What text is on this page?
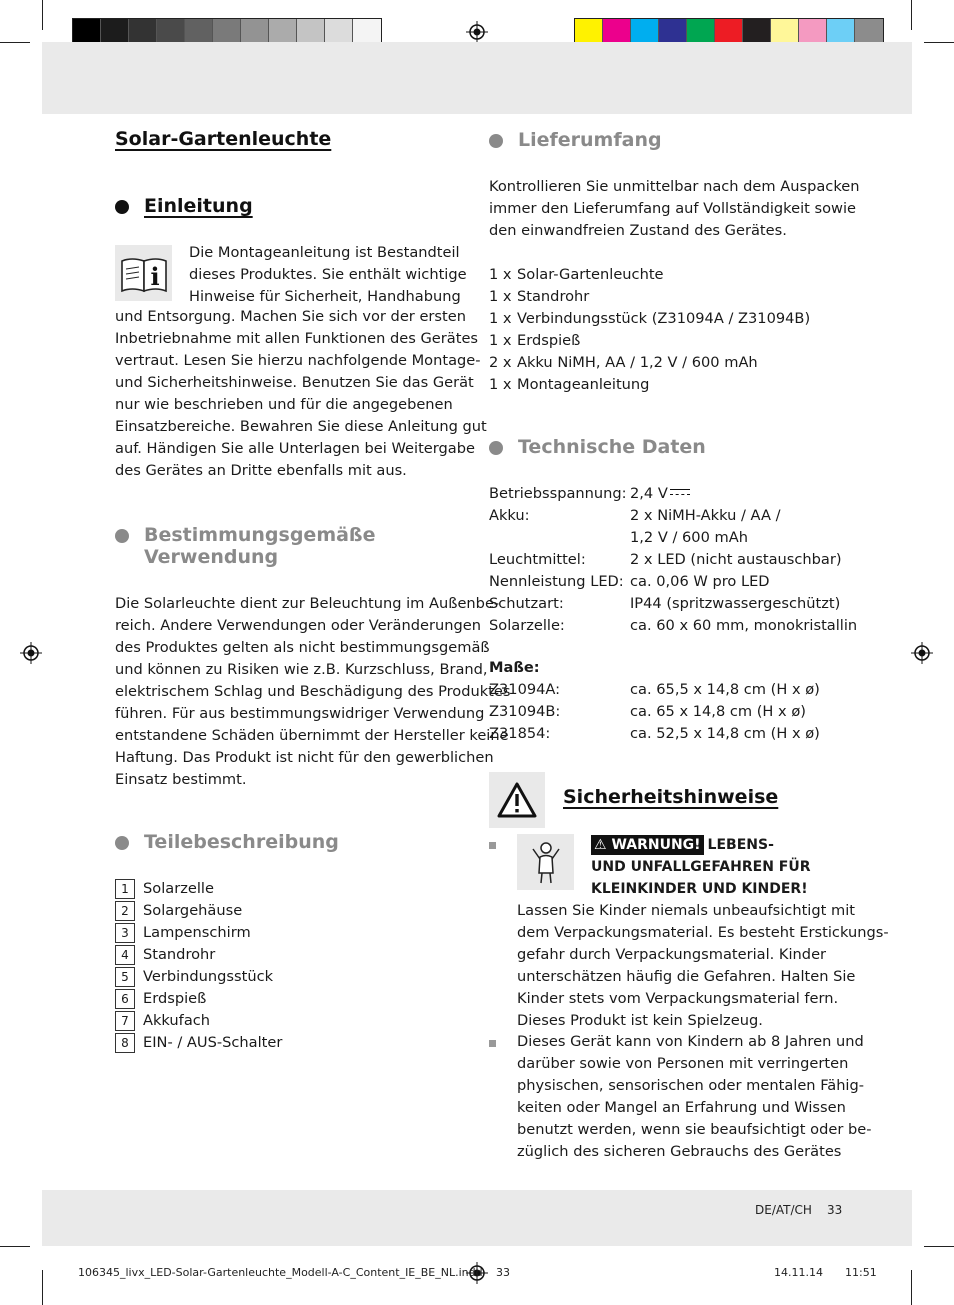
Solar-Gartenleuchte
Einleitung
i

Die Montageanleitung ist Bestandteil
dieses Produktes. Sie enthält wichtige
Hinweise für Sicherheit, Handhabung

und Entsorgung. Machen Sie sich vor der ersten
Inbetriebnahme mit allen Funktionen des Gerätes
vertraut. Lesen Sie hierzu nachfolgende Montage-
und Sicherheitshinweise. Benutzen Sie das Gerät
nur wie beschrieben und für die angegebenen
Einsatzbereiche. Bewahren Sie diese Anleitung gut
auf. Händigen Sie alle Unterlagen bei Weitergabe
des Gerätes an Dritte ebenfalls mit aus.

Bestimmungsgemäße
Verwendung

Die Solarleuchte dient zur Beleuchtung im Außenbe-
reich. Andere Verwendungen oder Veränderungen
des Produktes gelten als nicht bestimmungsgemäß
und können zu Risiken wie z.B. Kurzschluss, Brand,
elektrischem Schlag und Beschädigung des Produktes
führen. Für aus bestimmungswidriger Verwendung
entstandene Schäden übernimmt der Hersteller keine
Haftung. Das Produkt ist nicht für den gewerblichen
Einsatz bestimmt.

Teilebeschreibung
1 Solarzelle
2 Solargehäuse
3 Lampenschirm
4 Standrohr
5 Verbindungsstück
6 Erdspieß
7 Akkufach
8 EIN- / AUS-Schalter
Lieferumfang

Kontrollieren Sie unmittelbar nach dem Auspacken
immer den Lieferumfang auf Vollständigkeit sowie
den einwandfreien Zustand des Gerätes.

1 x Solar-Gartenleuchte
1 x Standrohr
1 x Verbindungsstück (Z31094A / Z31094B)
1 x Erdspieß
2 x Akku NiMH, AA / 1,2 V / 600 mAh
1 x Montageanleitung
Technische Daten
Betriebsspannung: 2,4 V
Akku:	2 x NiMH-Akku / AA /
1,2 V / 600 mAh
Leuchtmittel:	2 x LED (nicht austauschbar)
Nennleistung LED: ca. 0,06 W pro LED
Schutzart:	IP44 (spritzwassergeschützt)
Solarzelle:	ca. 60 x 60 mm, monokristallin
Maße:
Z31094A:	ca. 65,5 x 14,8 cm (H x ø)
Z31094B:	ca. 65 x 14,8 cm (H x ø)
Z31854:	ca. 52,5 x 14,8 cm (H x ø)
Sicherheitshinweise
⚠ WARNUNG! LEBENS-
UND UNFALLGEFAHREN FÜR
KLEINKINDER UND KINDER!

Lassen Sie Kinder niemals unbeaufsichtigt mit
dem Verpackungsmaterial. Es besteht Erstickungs-
gefahr durch Verpackungsmaterial. Kinder
unterschätzen häufig die Gefahren. Halten Sie
Kinder stets vom Verpackungsmaterial fern.
Dieses Produkt ist kein Spielzeug.

Dieses Gerät kann von Kindern ab 8 Jahren und
darüber sowie von Personen mit verringerten
physischen, sensorischen oder mentalen Fähig-
keiten oder Mangel an Erfahrung und Wissen
benutzt werden, wenn sie beaufsichtigt oder be-
züglich des sicheren Gebrauchs des Gerätes

DE/AT/CH 33
106345_livx_LED-Solar-Gartenleuchte_Modell-A-C_Content_IE_BE_NL.indd 33	14.11.14 11:51
